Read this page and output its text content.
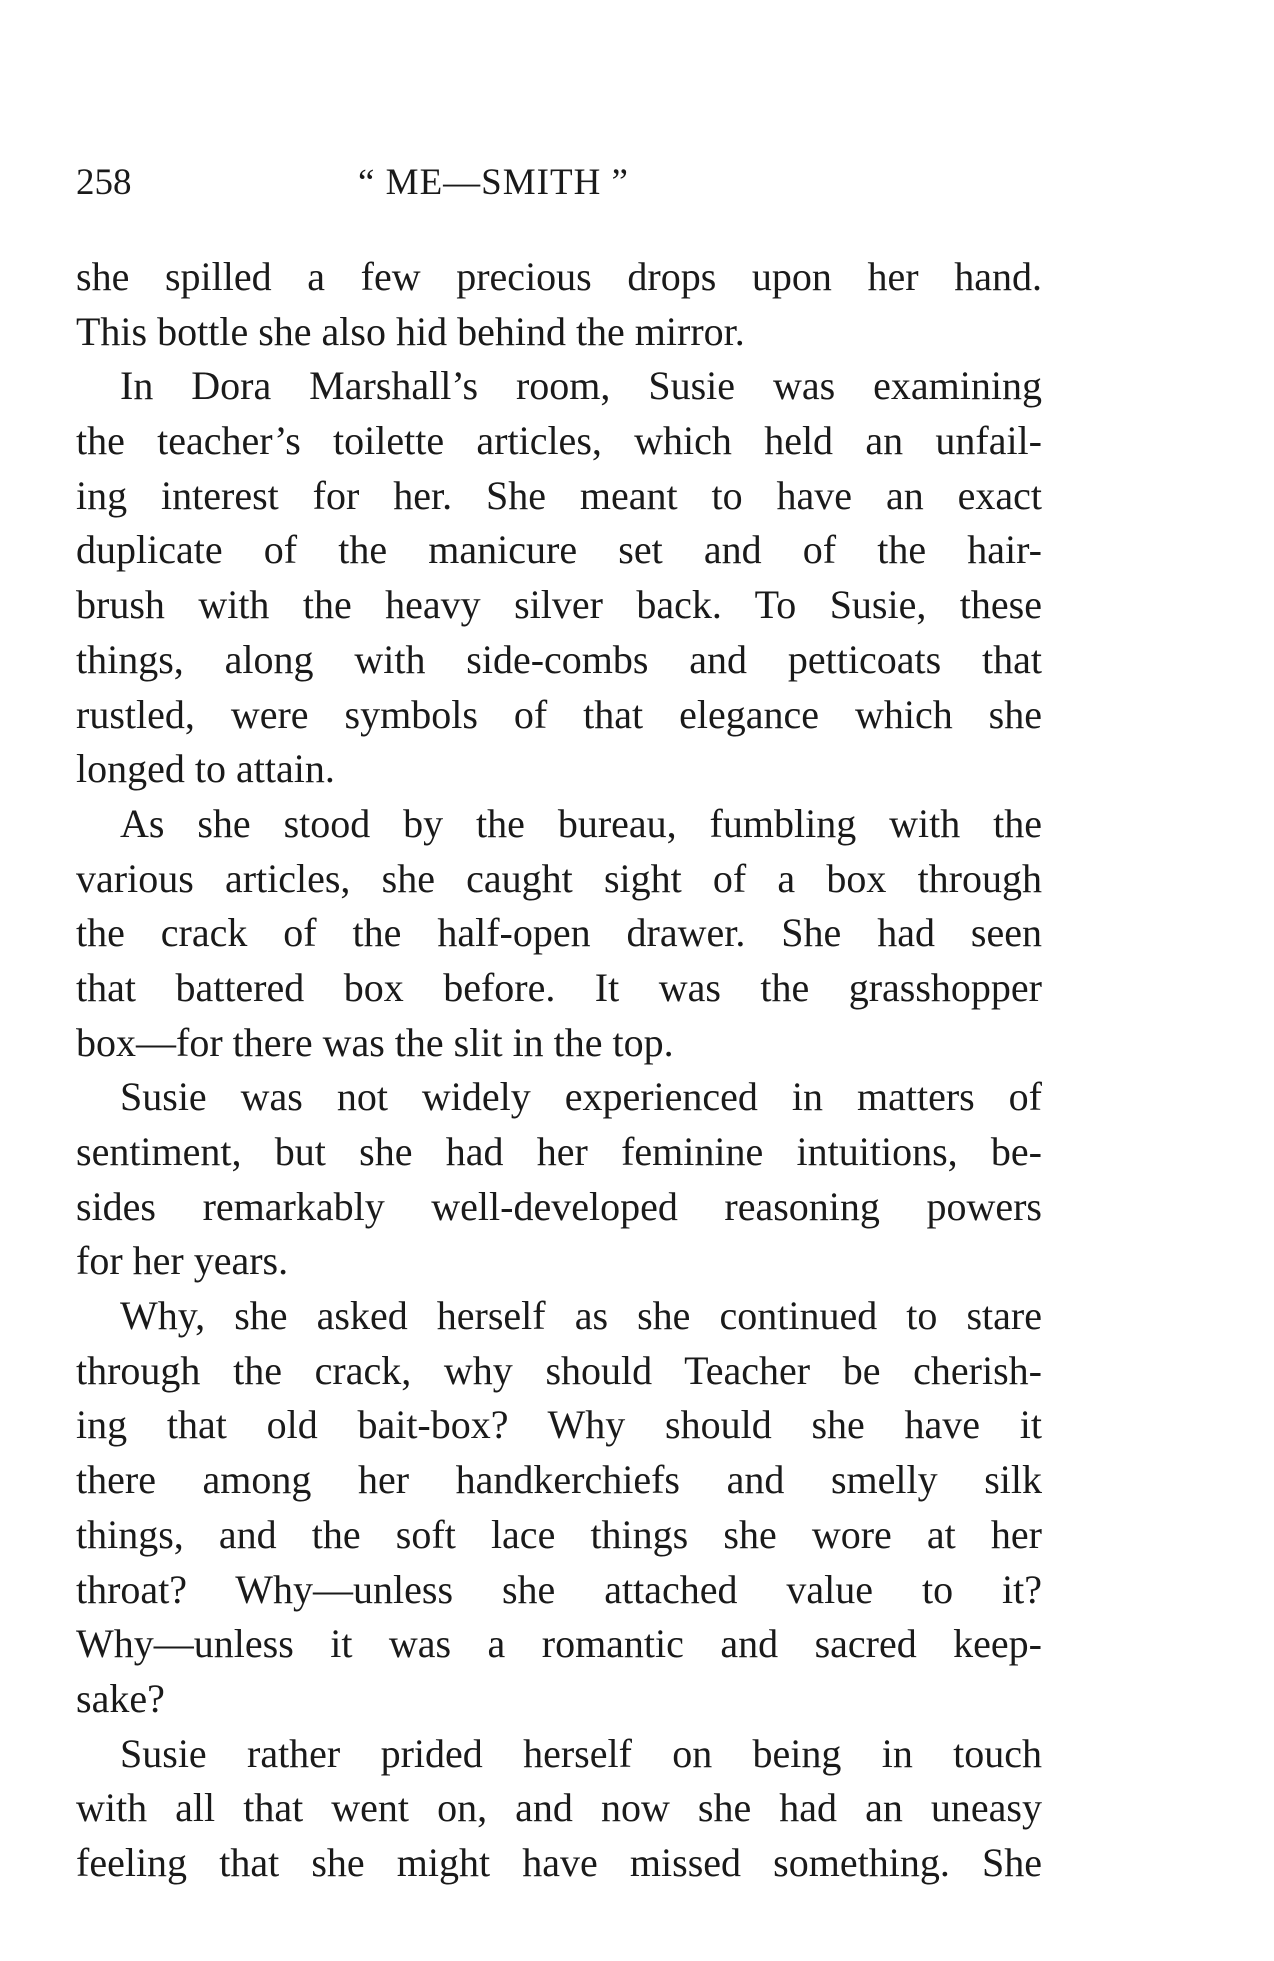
258	“ ME—SMITH ”
she spilled a few precious drops upon her hand.
This bottle she also hid behind the mirror.
In Dora Marshall’s room, Susie was examining
the teacher’s toilette articles, which held an unfail-
ing interest for her. She meant to have an exact
duplicate of the manicure set and of the hair-
brush with the heavy silver back. To Susie, these
things, along with side-combs and petticoats that
rustled, were symbols of that elegance which she
longed to attain.
As she stood by the bureau, fumbling with the
various articles, she caught sight of a box through
the crack of the half-open drawer. She had seen
that battered box before. It was the grasshopper
box—for there was the slit in the top.
Susie was not widely experienced in matters of
sentiment, but she had her feminine intuitions, be-
sides remarkably well-developed reasoning powers
for her years.
Why, she asked herself as she continued to stare
through the crack, why should Teacher be cherish-
ing that old bait-box? Why should she have it
there among her handkerchiefs and smelly silk
things, and the soft lace things she wore at her
throat? Why—unless she attached value to it?
Why—unless it was a romantic and sacred keep-
sake?
Susie rather prided herself on being in touch
with all that went on, and now she had an uneasy
feeling that she might have missed something. She
